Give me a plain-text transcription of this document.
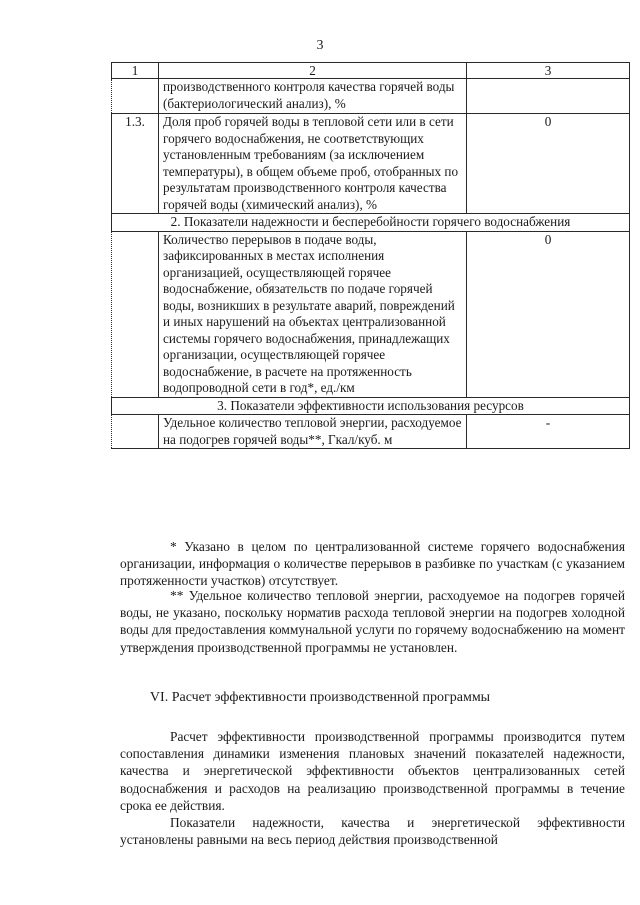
3
1	2	3
	производственного контроля качества горячей воды (бактериологический анализ), %	
1.3.	Доля проб горячей воды в тепловой сети или в сети горячего водоснабжения, не соответствующих установленным требованиям (за исключением температуры), в общем объеме проб, отобранных по результатам производственного контроля качества горячей воды (химический анализ), %	0
2. Показатели надежности и бесперебойности горячего водоснабжения		
	Количество перерывов в подаче воды, зафиксированных в местах исполнения организацией, осуществляющей горячее водоснабжение, обязательств по подаче горячей воды, возникших в результате аварий, повреждений и иных нарушений на объектах централизованной системы горячего водоснабжения, принадлежащих организации, осуществляющей горячее водоснабжение, в расчете на протяженность водопроводной сети в год*, ед./км	0
3. Показатели эффективности использования ресурсов		
	Удельное количество тепловой энергии, расходуемое на подогрев горячей воды**, Гкал/куб. м	-

* Указано в целом по централизованной системе горячего водоснабжения организации, информация о количестве перерывов в разбивке по участкам (с указанием протяженности участков) отсутствует.

** Удельное количество тепловой энергии, расходуемое на подогрев горячей воды, не указано, поскольку норматив расхода тепловой энергии на подогрев холодной воды для предоставления коммунальной услуги по горячему водоснабжению на момент утверждения производственной программы не установлен.

VI. Расчет эффективности производственной программы

Расчет эффективности производственной программы производится путем сопоставления динамики изменения плановых значений показателей надежности, качества и энергетической эффективности объектов централизованных сетей водоснабжения и расходов на реализацию производственной программы в течение срока ее действия.

Показатели надежности, качества и энергетической эффективности установлены равными на весь период действия производственной
